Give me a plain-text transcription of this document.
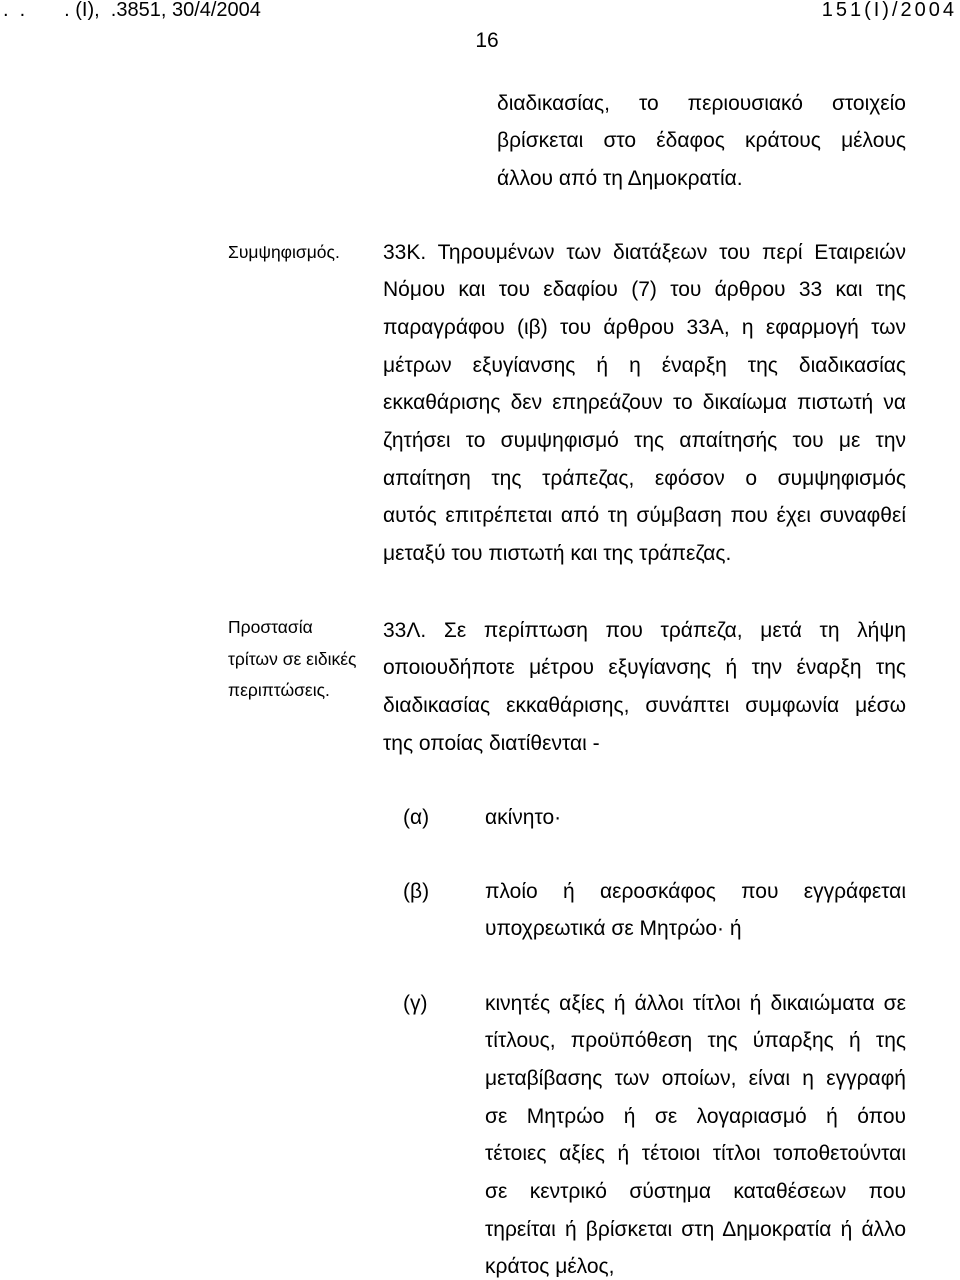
.  .       . (Ι),  .3851, 30/4/2004	151(Ι)/2004
16
διαδικασίας, το περιουσιακό στοιχείο
βρίσκεται στο έδαφος κράτους μέλους
άλλου από τη Δημοκρατία.
Συμψηφισμός. 33Κ. Τηρουμένων των διατάξεων του περί Εταιρειών
Νόμου και του εδαφίου (7) του άρθρου 33 και της
παραγράφου (ιβ) του άρθρου 33Α, η εφαρμογή των
μέτρων εξυγίανσης ή η έναρξη της διαδικασίας
εκκαθάρισης δεν επηρεάζουν το δικαίωμα πιστωτή να
ζητήσει το συμψηφισμό της απαίτησής του με την
απαίτηση της τράπεζας, εφόσον ο συμψηφισμός
αυτός επιτρέπεται από τη σύμβαση που έχει συναφθεί
μεταξύ του πιστωτή και της τράπεζας.
Προστασία
τρίτων σε ειδικές
περιπτώσεις.
33Λ. Σε περίπτωση που τράπεζα, μετά τη λήψη
οποιουδήποτε μέτρου εξυγίανσης ή την έναρξη της
διαδικασίας εκκαθάρισης, συνάπτει συμφωνία μέσω
της οποίας διατίθενται -
(α)	ακίνητο·
(β)	πλοίο ή αεροσκάφος που εγγράφεται
υποχρεωτικά σε Μητρώο· ή
(γ)	κινητές αξίες ή άλλοι τίτλοι ή δικαιώματα σε
τίτλους, προϋπόθεση της ύπαρξης ή της
μεταβίβασης των οποίων, είναι η εγγραφή
σε Μητρώο ή σε λογαριασμό ή όπου
τέτοιες αξίες ή τέτοιοι τίτλοι τοποθετούνται
σε κεντρικό σύστημα καταθέσεων που
τηρείται ή βρίσκεται στη Δημοκρατία ή άλλο
κράτος μέλος,
